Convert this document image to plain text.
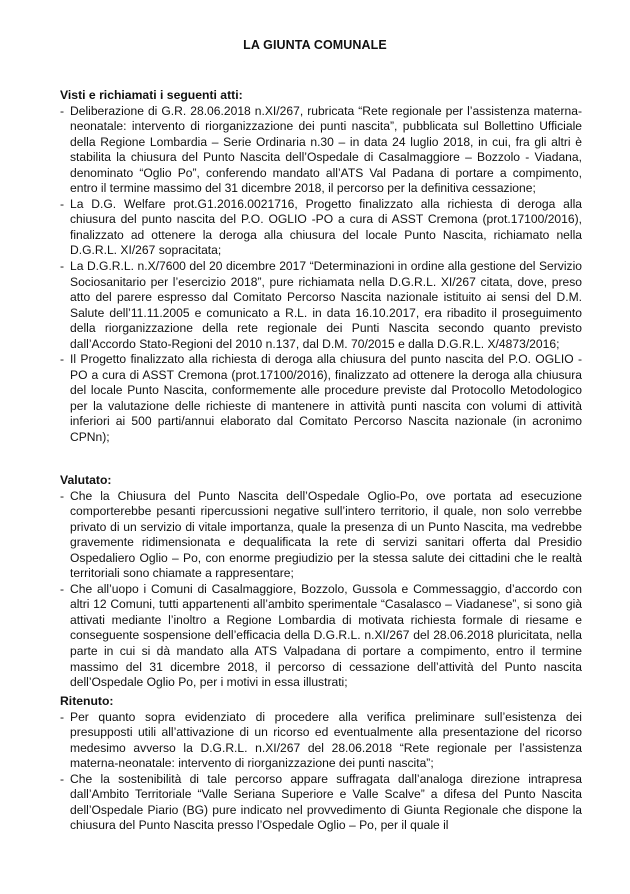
LA GIUNTA COMUNALE

Visti e richiamati i seguenti atti:

- Deliberazione di G.R. 28.06.2018 n.XI/267, rubricata “Rete regionale per l’assistenza materna-neonatale: intervento di riorganizzazione dei punti nascita”, pubblicata sul Bollettino Ufficiale della Regione Lombardia – Serie Ordinaria n.30 – in data 24 luglio 2018, in cui, fra gli altri è stabilita la chiusura del Punto Nascita dell’Ospedale di Casalmaggiore – Bozzolo - Viadana, denominato “Oglio Po”, conferendo mandato all’ATS Val Padana di portare a compimento, entro il termine massimo del 31 dicembre 2018, il percorso per la definitiva cessazione;
- La D.G. Welfare prot.G1.2016.0021716, Progetto finalizzato alla richiesta di deroga alla chiusura del punto nascita del P.O. OGLIO -PO a cura di ASST Cremona (prot.17100/2016), finalizzato ad ottenere la deroga alla chiusura del locale Punto Nascita, richiamato nella D.G.R.L. XI/267 sopracitata;
- La D.G.R.L. n.X/7600 del 20 dicembre 2017 “Determinazioni in ordine alla gestione del Servizio Sociosanitario per l’esercizio 2018”, pure richiamata nella D.G.R.L. XI/267 citata, dove, preso atto del parere espresso dal Comitato Percorso Nascita nazionale istituito ai sensi del D.M. Salute dell’11.11.2005 e comunicato a R.L. in data 16.10.2017, era ribadito il proseguimento della riorganizzazione della rete regionale dei Punti Nascita secondo quanto previsto dall’Accordo Stato-Regioni del 2010 n.137, dal D.M. 70/2015 e dalla D.G.R.L. X/4873/2016;
- Il Progetto finalizzato alla richiesta di deroga alla chiusura del punto nascita del P.O. OGLIO -PO a cura di ASST Cremona (prot.17100/2016), finalizzato ad ottenere la deroga alla chiusura del locale Punto Nascita, conformemente alle procedure previste dal Protocollo Metodologico per la valutazione delle richieste di mantenere in attività punti nascita con volumi di attività inferiori ai 500 parti/annui elaborato dal Comitato Percorso Nascita nazionale (in acronimo CPNn);

Valutato:

- Che la Chiusura del Punto Nascita dell’Ospedale Oglio-Po, ove portata ad esecuzione comporterebbe pesanti ripercussioni negative sull’intero territorio, il quale, non solo verrebbe privato di un servizio di vitale importanza, quale la presenza di un Punto Nascita, ma vedrebbe gravemente ridimensionata e dequalificata la rete di servizi sanitari offerta dal Presidio Ospedaliero Oglio – Po, con enorme pregiudizio per la stessa salute dei cittadini che le realtà territoriali sono chiamate a rappresentare;
- Che all’uopo i Comuni di Casalmaggiore, Bozzolo, Gussola e Commessaggio, d’accordo con altri 12 Comuni, tutti appartenenti all’ambito sperimentale “Casalasco – Viadanese”, si sono già attivati mediante l’inoltro a Regione Lombardia di motivata richiesta formale di riesame e conseguente sospensione dell’efficacia della D.G.R.L. n.XI/267 del 28.06.2018 pluricitata, nella parte in cui si dà mandato alla ATS Valpadana di portare a compimento, entro il termine massimo del 31 dicembre 2018, il percorso di cessazione dell’attività del Punto nascita dell’Ospedale Oglio Po, per i motivi in essa illustrati;

Ritenuto:

- Per quanto sopra evidenziato di procedere alla verifica preliminare sull’esistenza dei presupposti utili all’attivazione di un ricorso ed eventualmente alla presentazione del ricorso medesimo avverso la D.G.R.L. n.XI/267 del 28.06.2018 “Rete regionale per l’assistenza materna-neonatale: intervento di riorganizzazione dei punti nascita”;
- Che la sostenibilità di tale percorso appare suffragata dall’analoga direzione intrapresa dall’Ambito Territoriale “Valle Seriana Superiore e Valle Scalve” a difesa del Punto Nascita dell’Ospedale Piario (BG) pure indicato nel provvedimento di Giunta Regionale che dispone la chiusura del Punto Nascita presso l’Ospedale Oglio – Po, per il quale il
